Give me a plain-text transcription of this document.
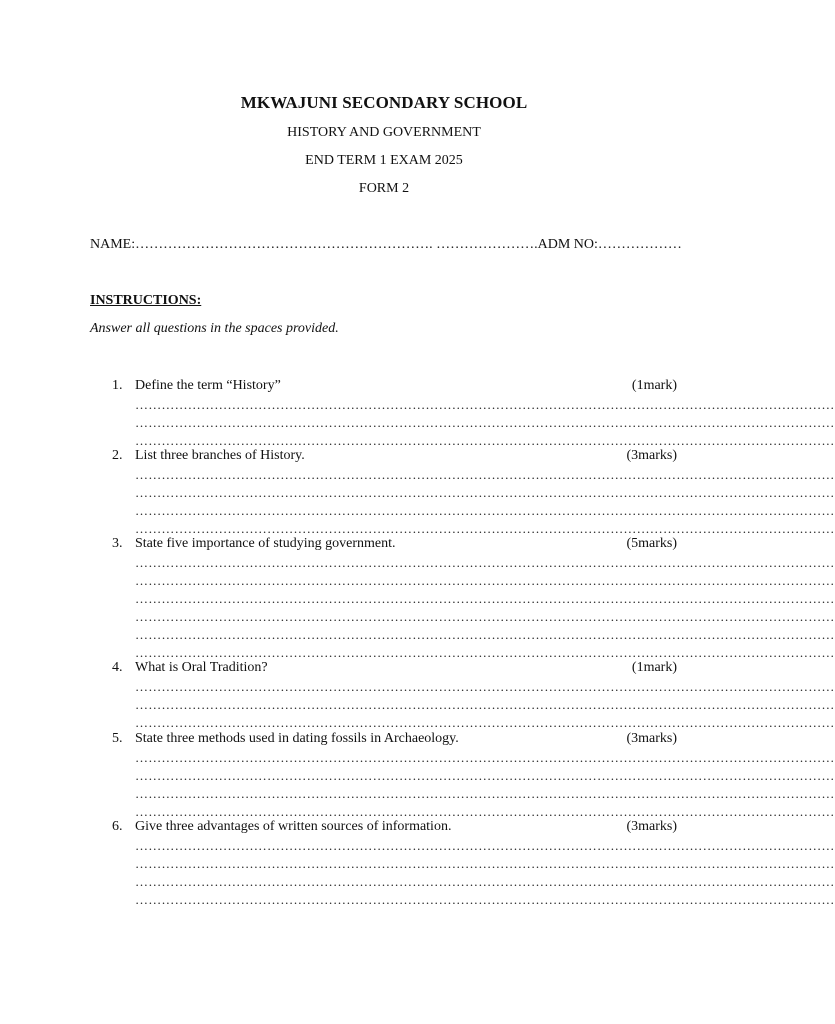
MKWAJUNI SECONDARY SCHOOL
HISTORY AND GOVERNMENT
END TERM 1 EXAM 2025
FORM 2
NAME:………………………………………………………. ………………….ADM NO:………………
INSTRUCTIONS:
Answer all questions in the spaces provided.
1. Define the term “History”	(1mark)
……………………………………………………………………………………………………………………………………………
……………………………………………………………………………………………………………………………………………
……………………………………………………………………………………………………………………………………………
2. List three branches of History.	(3marks)
……………………………………………………………………………………………………………………………………………
……………………………………………………………………………………………………………………………………………
……………………………………………………………………………………………………………………………………………
……………………………………………………………………………………………………………………………………………
3. State five importance of studying government.	(5marks)
……………………………………………………………………………………………………………………………………………
……………………………………………………………………………………………………………………………………………
……………………………………………………………………………………………………………………………………………
……………………………………………………………………………………………………………………………………………
……………………………………………………………………………………………………………………………………………
……………………………………………………………………………………………………………………………………………
4. What is Oral Tradition?	(1mark)
……………………………………………………………………………………………………………………………………………
……………………………………………………………………………………………………………………………………………
……………………………………………………………………………………………………………………………………………
5. State three methods used in dating fossils in Archaeology.	(3marks)
……………………………………………………………………………………………………………………………………………
……………………………………………………………………………………………………………………………………………
……………………………………………………………………………………………………………………………………………
……………………………………………………………………………………………………………………………………………
6. Give three advantages of written sources of information.	(3marks)
……………………………………………………………………………………………………………………………………………
……………………………………………………………………………………………………………………………………………
……………………………………………………………………………………………………………………………………………
……………………………………………………………………………………………………………………………………………
